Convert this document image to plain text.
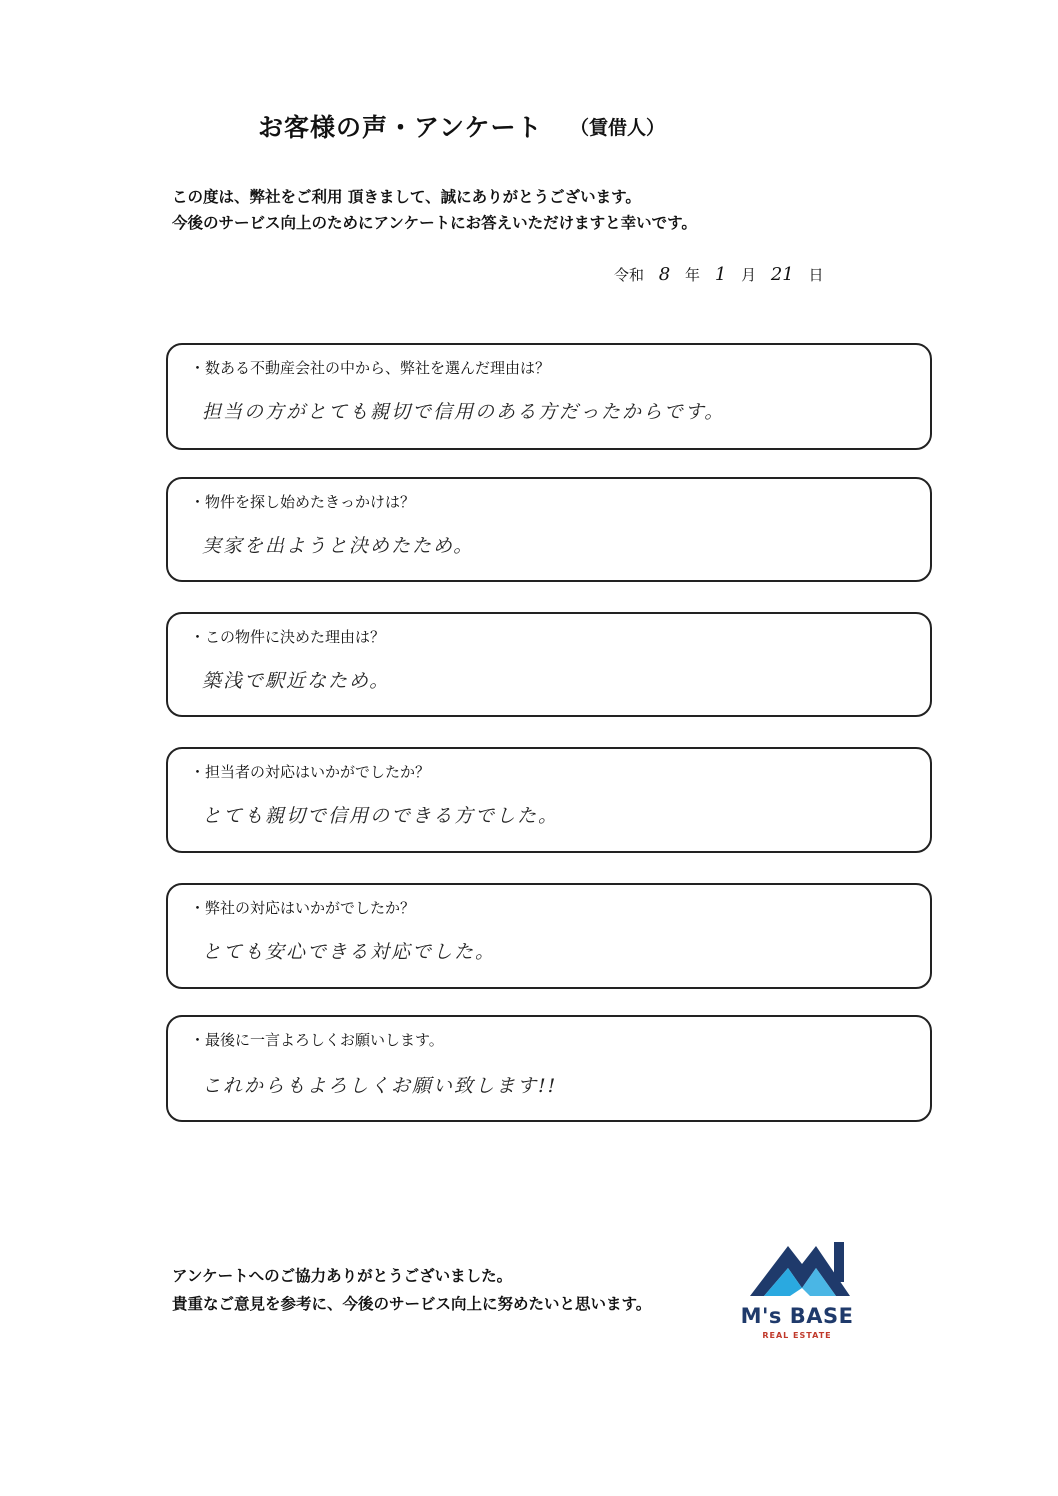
お客様の声・アンケート （賃借人）
この度は、弊社をご利用 頂きまして、誠にありがとうございます。
今後のサービス向上のためにアンケートにお答えいただけますと幸いです。
令和 8 年 1 月 21 日
・数ある不動産会社の中から、弊社を選んだ理由は？
担当の方がとても親切で信用のある方だったからです。
・物件を探し始めたきっかけは？
実家を出ようと決めたため。
・この物件に決めた理由は？
築浅で駅近なため。
・担当者の対応はいかがでしたか？
とても親切で信用のできる方でした。
・弊社の対応はいかがでしたか？
とても安心できる対応でした。
・最後に一言よろしくお願いします。
これからもよろしくお願い致します!!
アンケートへのご協力ありがとうございました。
貴重なご意見を参考に、今後のサービス向上に努めたいと思います。	M's BASE
REAL ESTATE
